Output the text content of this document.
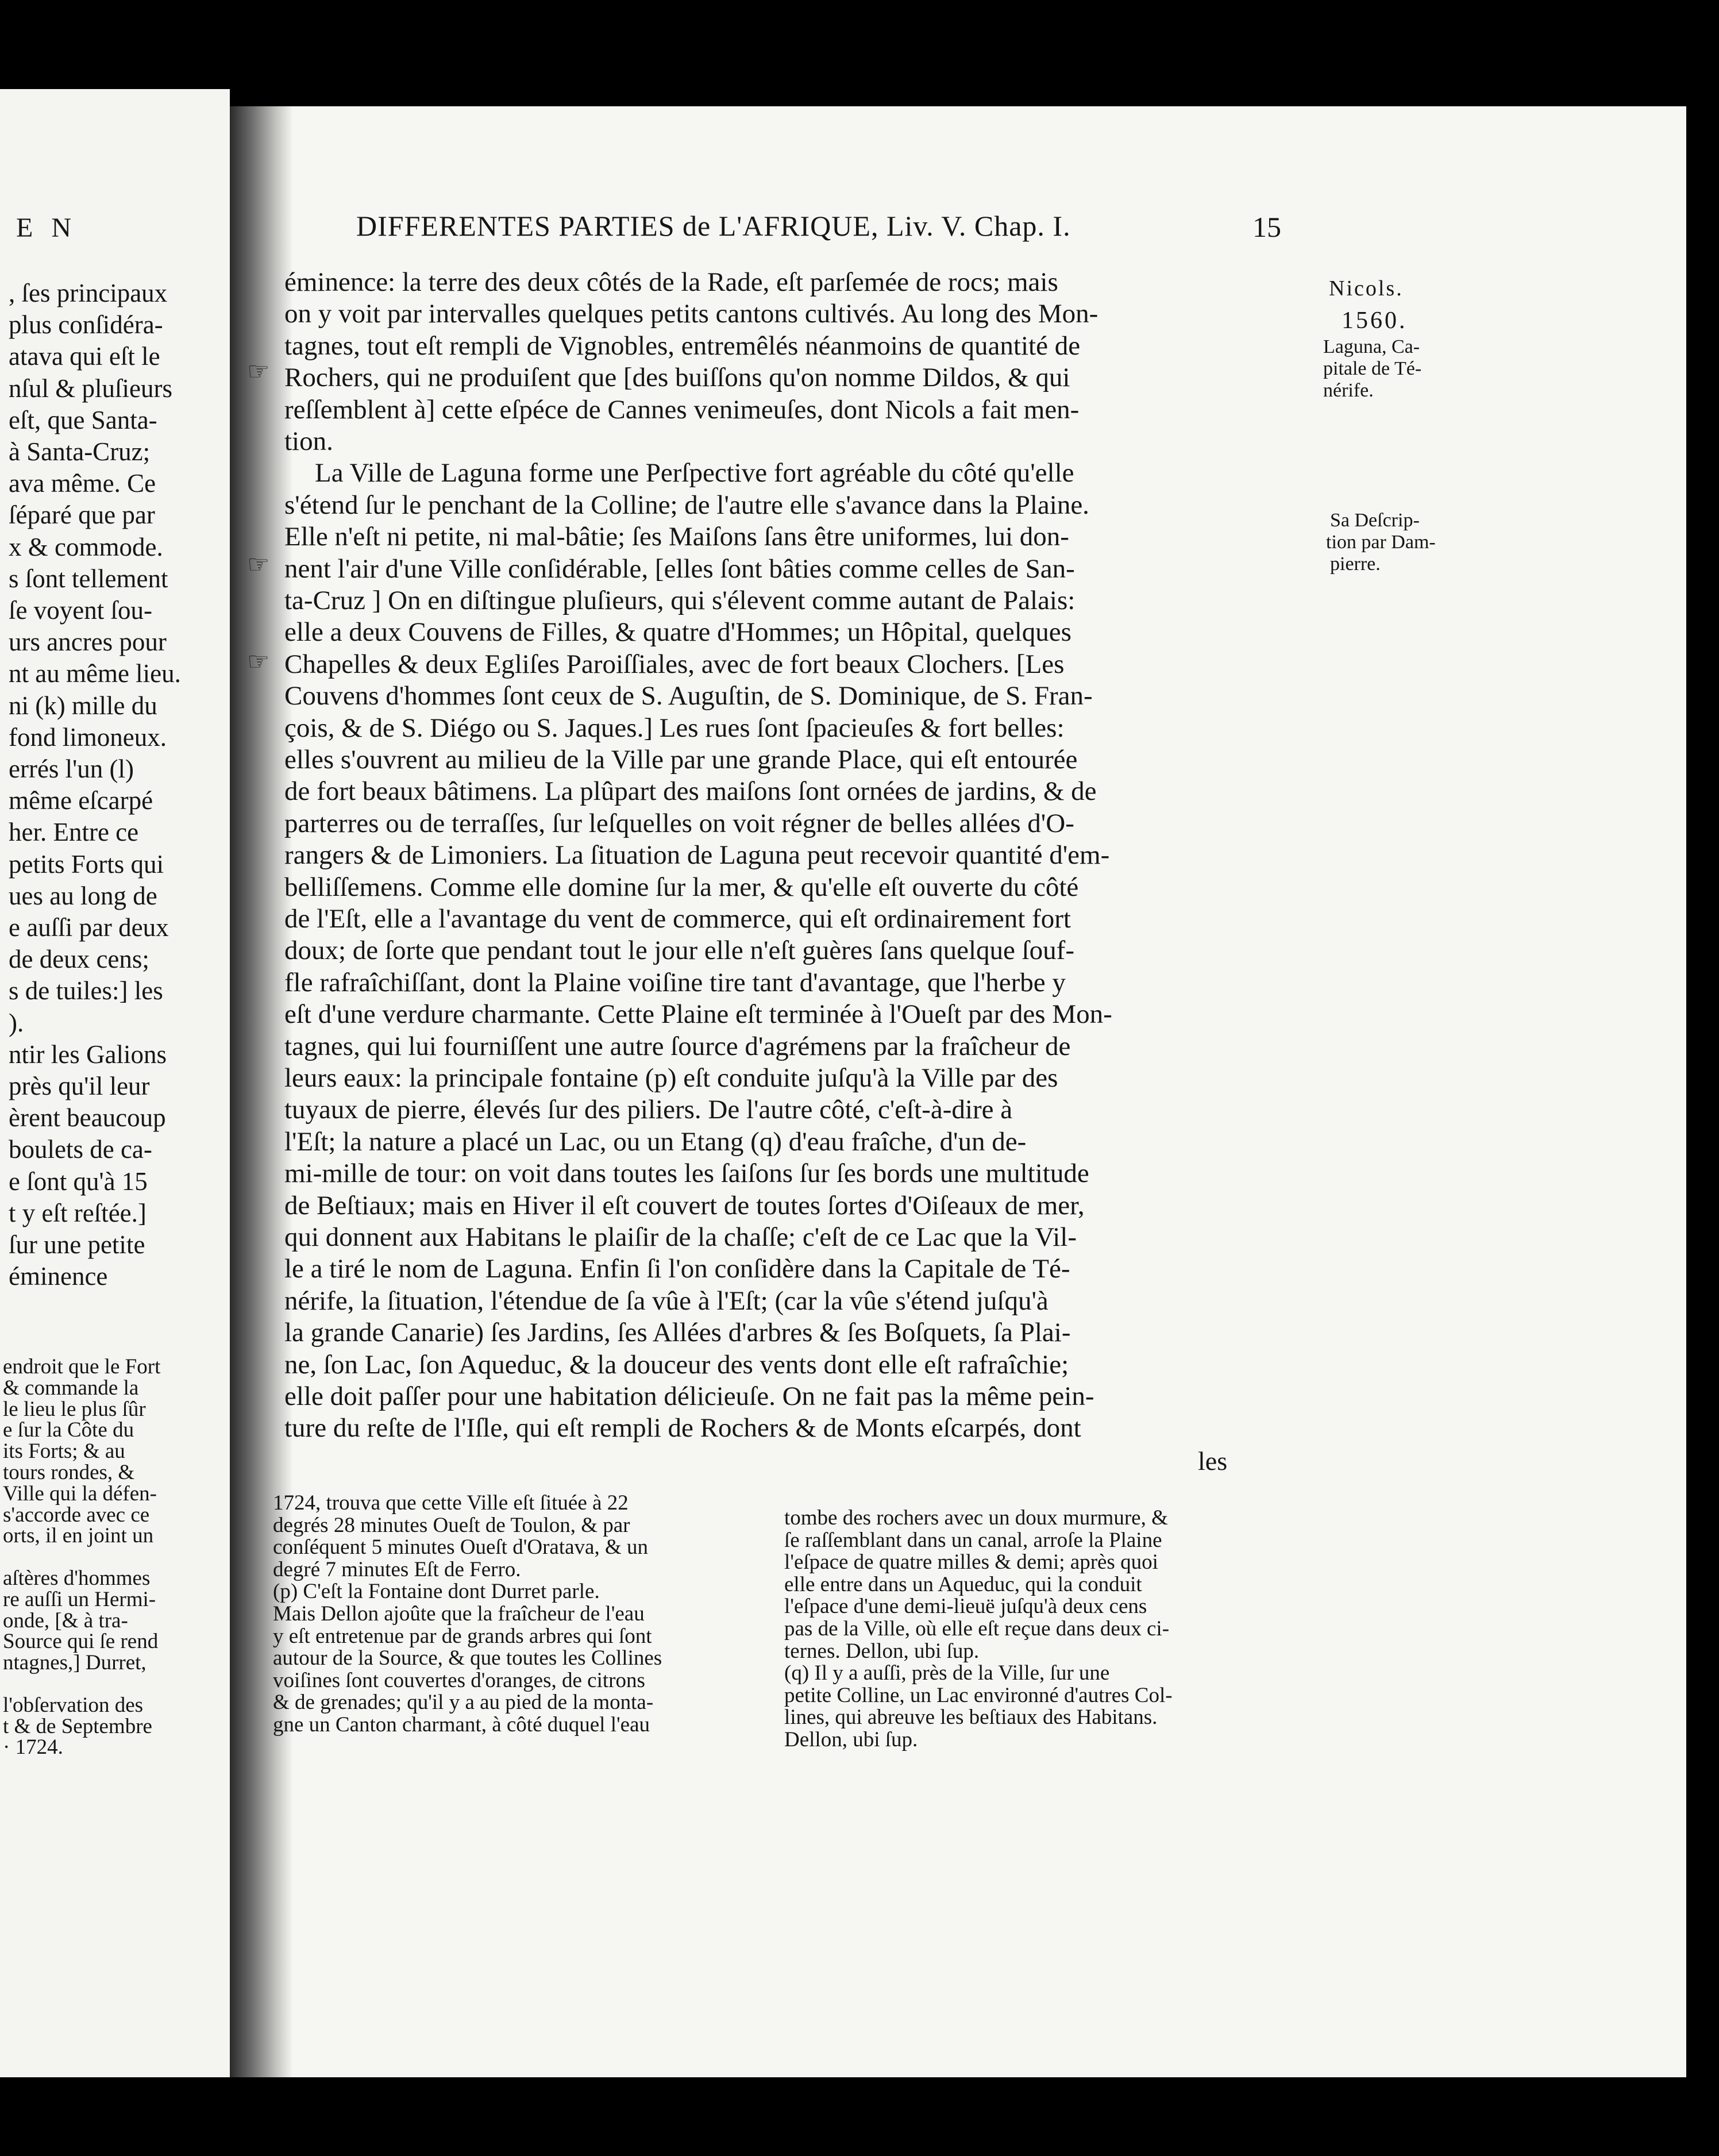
E N
, ſes principaux
plus conſidéra-
atava qui eſt le
nſul & pluſieurs
eſt, que Santa-
à Santa-Cruz;
ava même. Ce
ſéparé que par
x & commode.
s ſont tellement
ſe voyent ſou-
urs ancres pour
nt au même lieu.
ni (k) mille du
fond limoneux.
errés l'un (l)
même eſcarpé
her. Entre ce
petits Forts qui
ues au long de
e auſſi par deux
de deux cens;
s de tuiles:] les
).
ntir les Galions
près qu'il leur
èrent beaucoup
boulets de ca-
e ſont qu'à 15
t y eſt reſtée.]
ſur une petite
éminence
endroit que le Fort
& commande la
le lieu le plus ſûr
e ſur la Côte du
its Forts; & au
tours rondes, &
Ville qui la défen-
s'accorde avec ce
orts, il en joint un
aſtères d'hommes
re auſſi un Hermi-
onde, [& à tra-
Source qui ſe rend
ntagnes,] Durret,
l'obſervation des
t & de Septembre
· 1724.
DIFFERENTES PARTIES de L'AFRIQUE, Liv. V. Chap. I.	15
Nicols.
1560.
Laguna, Ca-
pitale de Té-
nérife.
Sa Deſcrip-
tion par Dam-
pierre.
☞
☞
☞
éminence: la terre des deux côtés de la Rade, eſt parſemée de rocs; mais
on y voit par intervalles quelques petits cantons cultivés. Au long des Mon-
tagnes, tout eſt rempli de Vignobles, entremêlés néanmoins de quantité de
Rochers, qui ne produiſent que [des buiſſons qu'on nomme Dildos, & qui
reſſemblent à] cette eſpéce de Cannes venimeuſes, dont Nicols a fait men-
tion.
La Ville de Laguna forme une Perſpective fort agréable du côté qu'elle
s'étend ſur le penchant de la Colline; de l'autre elle s'avance dans la Plaine.
Elle n'eſt ni petite, ni mal-bâtie; ſes Maiſons ſans être uniformes, lui don-
nent l'air d'une Ville conſidérable, [elles ſont bâties comme celles de San-
ta-Cruz ] On en diſtingue pluſieurs, qui s'élevent comme autant de Palais:
elle a deux Couvens de Filles, & quatre d'Hommes; un Hôpital, quelques
Chapelles & deux Egliſes Paroiſſiales, avec de fort beaux Clochers. [Les
Couvens d'hommes ſont ceux de S. Auguſtin, de S. Dominique, de S. Fran-
çois, & de S. Diégo ou S. Jaques.] Les rues ſont ſpacieuſes & fort belles:
elles s'ouvrent au milieu de la Ville par une grande Place, qui eſt entourée
de fort beaux bâtimens. La plûpart des maiſons ſont ornées de jardins, & de
parterres ou de terraſſes, ſur leſquelles on voit régner de belles allées d'O-
rangers & de Limoniers. La ſituation de Laguna peut recevoir quantité d'em-
belliſſemens. Comme elle domine ſur la mer, & qu'elle eſt ouverte du côté
de l'Eſt, elle a l'avantage du vent de commerce, qui eſt ordinairement fort
doux; de ſorte que pendant tout le jour elle n'eſt guères ſans quelque ſouf-
fle rafraîchiſſant, dont la Plaine voiſine tire tant d'avantage, que l'herbe y
eſt d'une verdure charmante. Cette Plaine eſt terminée à l'Oueſt par des Mon-
tagnes, qui lui fourniſſent une autre ſource d'agrémens par la fraîcheur de
leurs eaux: la principale fontaine (p) eſt conduite juſqu'à la Ville par des
tuyaux de pierre, élevés ſur des piliers. De l'autre côté, c'eſt-à-dire à
l'Eſt; la nature a placé un Lac, ou un Etang (q) d'eau fraîche, d'un de-
mi-mille de tour: on voit dans toutes les ſaiſons ſur ſes bords une multitude
de Beſtiaux; mais en Hiver il eſt couvert de toutes ſortes d'Oiſeaux de mer,
qui donnent aux Habitans le plaiſir de la chaſſe; c'eſt de ce Lac que la Vil-
le a tiré le nom de Laguna. Enfin ſi l'on conſidère dans la Capitale de Té-
nérife, la ſituation, l'étendue de ſa vûe à l'Eſt; (car la vûe s'étend juſqu'à
la grande Canarie) ſes Jardins, ſes Allées d'arbres & ſes Boſquets, ſa Plai-
ne, ſon Lac, ſon Aqueduc, & la douceur des vents dont elle eſt rafraîchie;
elle doit paſſer pour une habitation délicieuſe. On ne fait pas la même pein-
ture du reſte de l'Iſle, qui eſt rempli de Rochers & de Monts eſcarpés, dont
les
1724, trouva que cette Ville eſt ſituée à 22
degrés 28 minutes Oueſt de Toulon, & par
conſéquent 5 minutes Oueſt d'Oratava, & un
degré 7 minutes Eſt de Ferro.
(p) C'eſt la Fontaine dont Durret parle.
Mais Dellon ajoûte que la fraîcheur de l'eau
y eſt entretenue par de grands arbres qui ſont
autour de la Source, & que toutes les Collines
voiſines ſont couvertes d'oranges, de citrons
& de grenades; qu'il y a au pied de la monta-
gne un Canton charmant, à côté duquel l'eau
tombe des rochers avec un doux murmure, &
ſe raſſemblant dans un canal, arroſe la Plaine
l'eſpace de quatre milles & demi; après quoi
elle entre dans un Aqueduc, qui la conduit
l'eſpace d'une demi-lieuë juſqu'à deux cens
pas de la Ville, où elle eſt reçue dans deux ci-
ternes. Dellon, ubi ſup.
(q) Il y a auſſi, près de la Ville, ſur une
petite Colline, un Lac environné d'autres Col-
lines, qui abreuve les beſtiaux des Habitans.
Dellon, ubi ſup.
